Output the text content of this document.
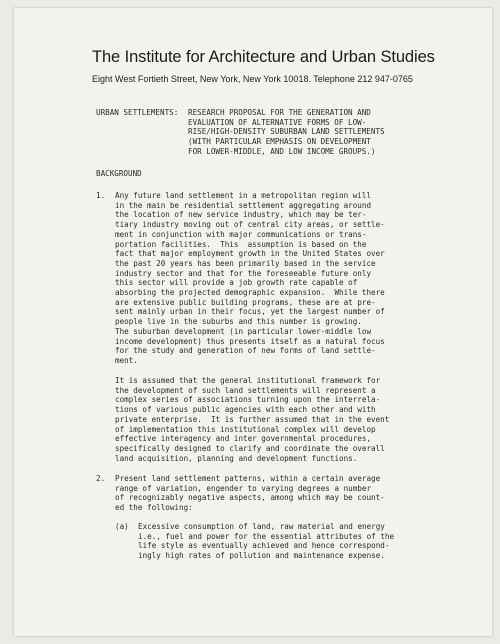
The Institute for Architecture and Urban Studies
Eight West Fortieth Street, New York, New York 10018. Telephone 212 947-0765
URBAN SETTLEMENTS: RESEARCH PROPOSAL FOR THE GENERATION AND
EVALUATION OF ALTERNATIVE FORMS OF LOW-
RISE/HIGH-DENSITY SUBURBAN LAND SETTLEMENTS
(WITH PARTICULAR EMPHASIS ON DEVELOPMENT
FOR LOWER-MIDDLE, AND LOW INCOME GROUPS.)
BACKGROUND
1. Any future land settlement in a metropolitan region will
in the main be residential settlement aggregating around
the location of new service industry, which may be ter-
tiary industry moving out of central city areas, or settle-
ment in conjunction with major communications or trans-
portation facilities.  This  assumption is based on the
fact that major employment growth in the United States over
the past 20 years has been primarily based in the service
industry sector and that for the foreseeable future only
this sector will provide a job growth rate capable of
absorbing the projected demographic expansion.  While there
are extensive public building programs, these are at pre-
sent mainly urban in their focus, yet the largest number of
people live in the suburbs and this number is growing.
The suburban development (in particular lower-middle low
income development) thus presents itself as a natural focus
for the study and generation of new forms of land settle-
ment.
It is assumed that the general institutional framework for
the development of such land settlements will represent a
complex series of associations turning upon the interrela-
tions of various public agencies with each other and with
private enterprise.  It is further assumed that in the event
of implementation this institutional complex will develop
effective interagency and inter governmental procedures,
specifically designed to clarify and coordinate the overall
land acquisition, planning and development functions.
2. Present land settlement patterns, within a certain average
range of variation, engender to varying degrees a number
of recognizably negative aspects, among which may be count-
ed the following:
(a) Excessive consumption of land, raw material and energy
i.e., fuel and power for the essential attributes of the
life style as eventually achieved and hence correspond-
ingly high rates of pollution and maintenance expense.
